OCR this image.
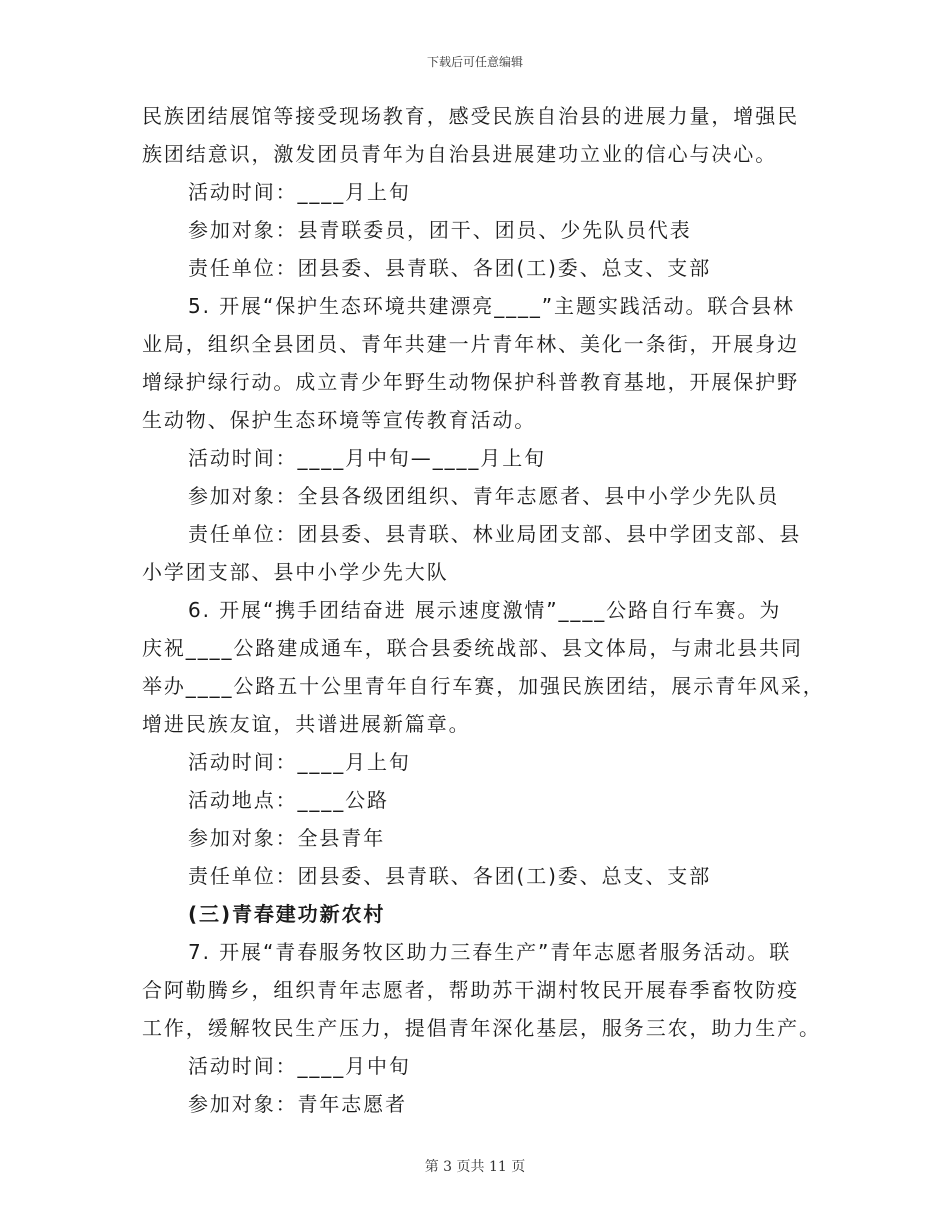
下载后可任意编辑
民族团结展馆等接受现场教育，感受民族自治县的进展力量，增强民
族团结意识，激发团员青年为自治县进展建功立业的信心与决心。
活动时间：____月上旬
参加对象：县青联委员，团干、团员、少先队员代表
责任单位：团县委、县青联、各团(工)委、总支、支部
5. 开展“保护生态环境共建漂亮____”主题实践活动。联合县林
业局，组织全县团员、青年共建一片青年林、美化一条街，开展身边
增绿护绿行动。成立青少年野生动物保护科普教育基地，开展保护野
生动物、保护生态环境等宣传教育活动。
活动时间：____月中旬—____月上旬
参加对象：全县各级团组织、青年志愿者、县中小学少先队员
责任单位：团县委、县青联、林业局团支部、县中学团支部、县
小学团支部、县中小学少先大队
6. 开展“携手团结奋进 展示速度激情”____公路自行车赛。为
庆祝____公路建成通车，联合县委统战部、县文体局，与肃北县共同
举办____公路五十公里青年自行车赛，加强民族团结，展示青年风采，
增进民族友谊，共谱进展新篇章。
活动时间：____月上旬
活动地点：____公路
参加对象：全县青年
责任单位：团县委、县青联、各团(工)委、总支、支部
(三)青春建功新农村
7. 开展“青春服务牧区助力三春生产”青年志愿者服务活动。联
合阿勒腾乡，组织青年志愿者，帮助苏干湖村牧民开展春季畜牧防疫
工作，缓解牧民生产压力，提倡青年深化基层，服务三农，助力生产。
活动时间：____月中旬
参加对象：青年志愿者
第 3 页共 11 页
